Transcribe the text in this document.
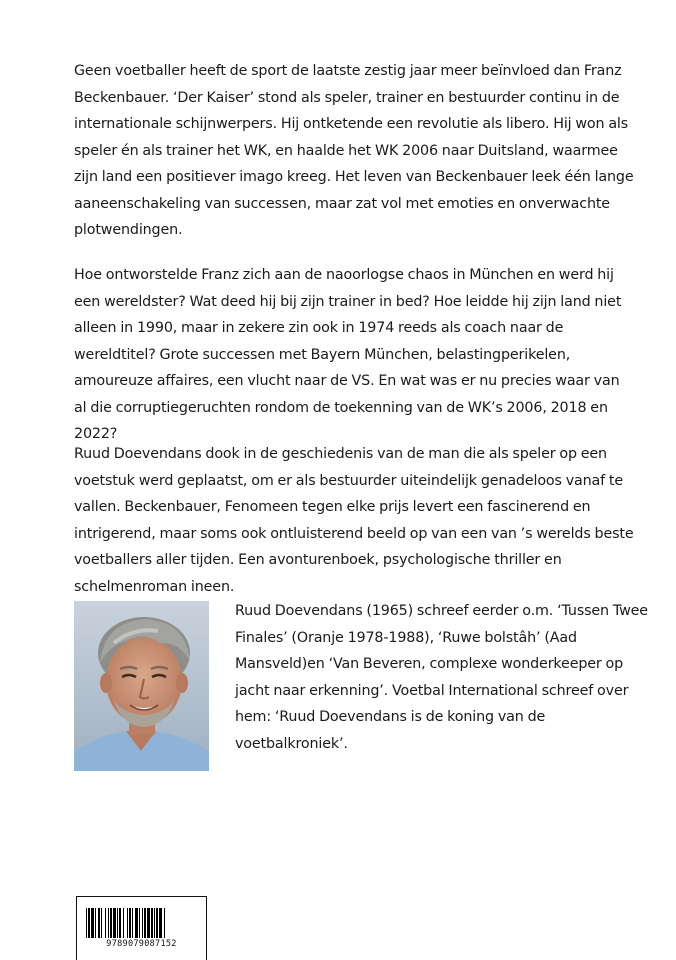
Geen voetballer heeft de sport de laatste zestig jaar meer beïnvloed dan Franz Beckenbauer. ‘Der Kaiser’ stond als speler, trainer en bestuurder continu in de internationale schijnwerpers. Hij ontketende een revolutie als libero. Hij won als speler én als trainer het WK, en haalde het WK 2006 naar Duitsland, waarmee zijn land een positiever imago kreeg. Het leven van Beckenbauer leek één lange aaneenschakeling van successen, maar zat vol met emoties en onverwachte plotwendingen.

Hoe ontworstelde Franz zich aan de naoorlogse chaos in München en werd hij een wereldster? Wat deed hij bij zijn trainer in bed? Hoe leidde hij zijn land niet alleen in 1990, maar in zekere zin ook in 1974 reeds als coach naar de wereldtitel? Grote successen met Bayern München, belastingperikelen, amoureuze affaires, een vlucht naar de VS. En wat was er nu precies waar van al die corruptiegeruchten rondom de toekenning van de WK’s 2006, 2018 en 2022?

Ruud Doevendans dook in de geschiedenis van de man die als speler op een voetstuk werd geplaatst, om er als bestuurder uiteindelijk genadeloos vanaf te vallen. Beckenbauer, Fenomeen tegen elke prijs levert een fascinerend en intrigerend, maar soms ook ontluisterend beeld op van een van ’s werelds beste voetballers aller tijden. Een avonturenboek, psychologische thriller en schelmenroman ineen.

Ruud Doevendans (1965) schreef eerder o.m. ‘Tussen Twee Finales’ (Oranje 1978-1988), ‘Ruwe bolstâh’ (Aad Mansveld)en ‘Van Beveren, complexe wonderkeeper op jacht naar erkenning’. Voetbal International schreef over hem: ‘Ruud Doevendans is de koning van de voetbalkroniek’.

9789079087152
